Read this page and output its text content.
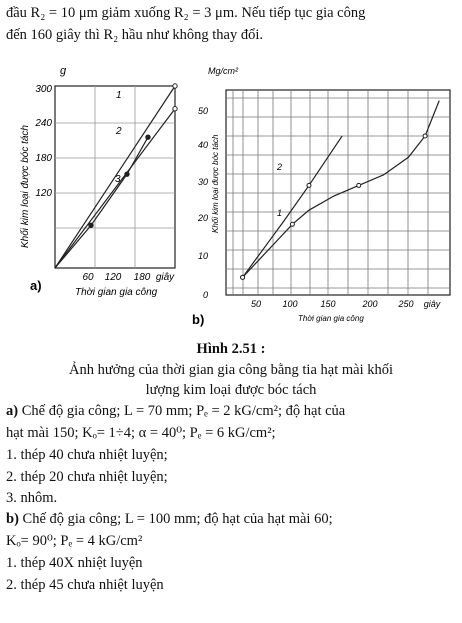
đầu R₂ = 10 μm giảm xuống R₂ = 3 μm. Nếu tiếp tục gia công
đến 160 giây thì R₂ hầu như không thay đổi.
g
300
240
180
120
60 120 180 giây
Khối kim loại được bóc tách
Thời gian gia công
a)
1
2
3
Mg/cm²
50
40
30
20
10
0
50 100	150	200 250 giây
Khối kim loại được bóc tách
Thời gian gia công
b)
1
2
Hình 2.51 :
Ảnh hưởng của thời gian gia công bằng tia hạt mài khối
lượng kim loại được bóc tách
a) Chế độ gia công; L = 70 mm; Pₑ = 2 kG/cm²; độ hạt của
hạt mài 150; Kₒ= 1÷4; α = 40⁰; Pₑ = 6 kG/cm²;
1. thép 40 chưa nhiệt luyện;
2. thép 20 chưa nhiệt luyện;
3. nhôm.
b) Chế độ gia công; L = 100 mm; độ hạt của hạt mài 60;
Kₒ= 90⁰; Pₑ = 4 kG/cm²
1. thép 40X nhiệt luyện
2. thép 45 chưa nhiệt luyện
